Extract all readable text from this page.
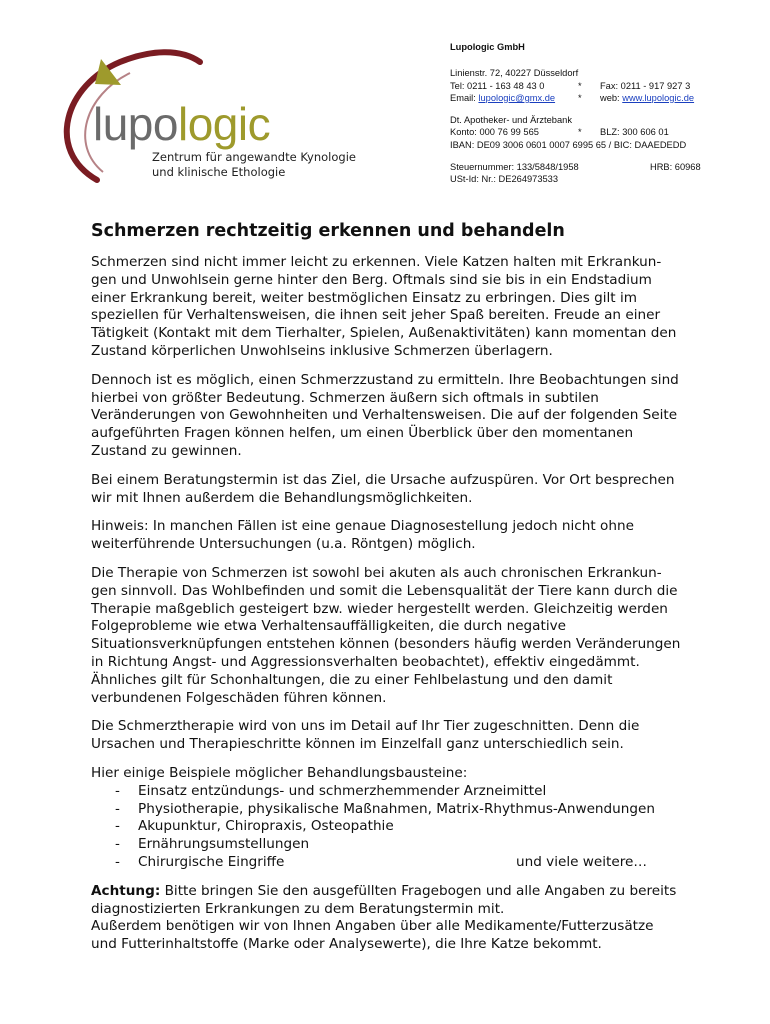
lupologic
Zentrum für angewandte Kynologie
und klinische Ethologie
Lupologic GmbH
Linienstr. 72, 40227 Düsseldorf
Tel: 0211 - 163 48 43 0	*	Fax: 0211 - 917 927 3
Email: lupologic@gmx.de	*	web: www.lupologic.de
Dt. Apotheker- und Ärztebank
Konto: 000 76 99 565	*	BLZ: 300 606 01
IBAN: DE09 3006 0601 0007 6995 65 / BIC: DAAEDEDD
Steuernummer: 133/5848/1958	HRB: 60968
USt-Id: Nr.: DE264973533
Schmerzen rechtzeitig erkennen und behandeln

Schmerzen sind nicht immer leicht zu erkennen. Viele Katzen halten mit Erkrankun-gen und Unwohlsein gerne hinter den Berg. Oftmals sind sie bis in ein Endstadium einer Erkrankung bereit, weiter bestmöglichen Einsatz zu erbringen. Dies gilt im speziellen für Verhaltensweisen, die ihnen seit jeher Spaß bereiten. Freude an einer Tätigkeit (Kontakt mit dem Tierhalter, Spielen, Außenaktivitäten) kann momentan den Zustand körperlichen Unwohlseins inklusive Schmerzen überlagern.

Dennoch ist es möglich, einen Schmerzzustand zu ermitteln. Ihre Beobachtungen sind hierbei von größter Bedeutung. Schmerzen äußern sich oftmals in subtilen Veränderungen von Gewohnheiten und Verhaltensweisen. Die auf der folgenden Seite aufgeführten Fragen können helfen, um einen Überblick über den momentanen Zustand zu gewinnen.

Bei einem Beratungstermin ist das Ziel, die Ursache aufzuspüren. Vor Ort besprechen wir mit Ihnen außerdem die Behandlungsmöglichkeiten.

Hinweis: In manchen Fällen ist eine genaue Diagnosestellung jedoch nicht ohne weiterführende Untersuchungen (u.a. Röntgen) möglich.

Die Therapie von Schmerzen ist sowohl bei akuten als auch chronischen Erkrankun-gen sinnvoll. Das Wohlbefinden und somit die Lebensqualität der Tiere kann durch die Therapie maßgeblich gesteigert bzw. wieder hergestellt werden. Gleichzeitig werden Folgeprobleme wie etwa Verhaltensauffälligkeiten, die durch negative Situationsverknüpfungen entstehen können (besonders häufig werden Veränderungen in Richtung Angst- und Aggressionsverhalten beobachtet), effektiv eingedämmt. Ähnliches gilt für Schonhaltungen, die zu einer Fehlbelastung und den damit verbundenen Folgeschäden führen können.

Die Schmerztherapie wird von uns im Detail auf Ihr Tier zugeschnitten. Denn die Ursachen und Therapieschritte können im Einzelfall ganz unterschiedlich sein.

Hier einige Beispiele möglicher Behandlungsbausteine:
-	Einsatz entzündungs- und schmerzhemmender Arzneimittel
-	Physiotherapie, physikalische Maßnahmen, Matrix-Rhythmus-Anwendungen
-	Akupunktur, Chiropraxis, Osteopathie
-	Ernährungsumstellungen
-	Chirurgische Eingriffe	und viele weitere…
Achtung: Bitte bringen Sie den ausgefüllten Fragebogen und alle Angaben zu bereits diagnostizierten Erkrankungen zu dem Beratungstermin mit.
Außerdem benötigen wir von Ihnen Angaben über alle Medikamente/Futterzusätze und Futterinhaltstoffe (Marke oder Analysewerte), die Ihre Katze bekommt.
